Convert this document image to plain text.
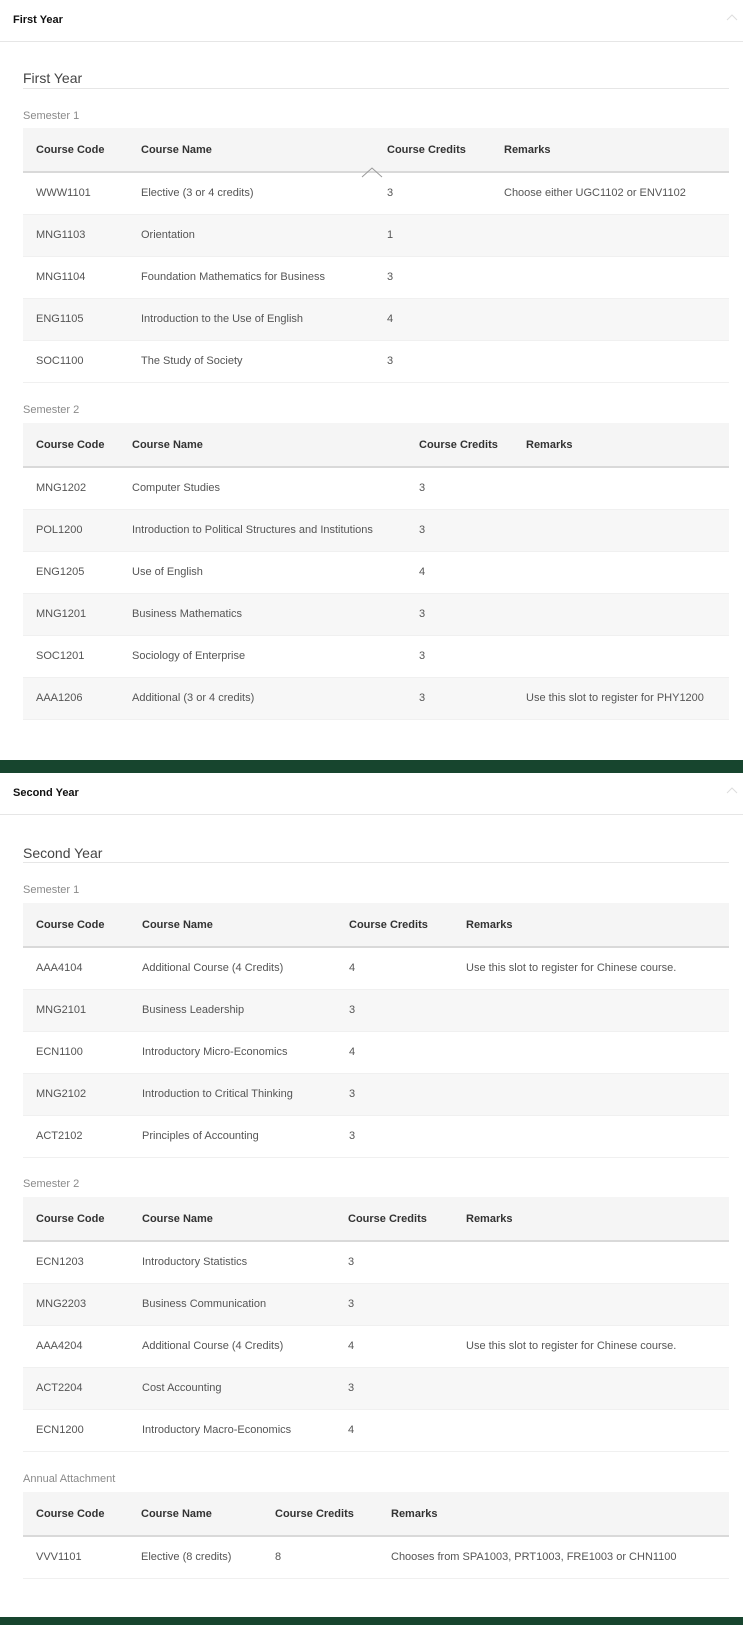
First Year
First Year
Semester 1
Course Code	Course Name	Course Credits	Remarks
WWW1101	Elective (3 or 4 credits)	3	Choose either UGC1102 or ENV1102
MNG1103	Orientation	1	
MNG1104	Foundation Mathematics for Business	3	
ENG1105	Introduction to the Use of English	4	
SOC1100	The Study of Society	3	
Semester 2
Course Code	Course Name	Course Credits	Remarks
MNG1202	Computer Studies	3	
POL1200	Introduction to Political Structures and Institutions	3	
ENG1205	Use of English	4	
MNG1201	Business Mathematics	3	
SOC1201	Sociology of Enterprise	3	
AAA1206	Additional (3 or 4 credits)	3	Use this slot to register for PHY1200
Second Year
Second Year
Semester 1
Course Code	Course Name	Course Credits	Remarks
AAA4104	Additional Course (4 Credits)	4	Use this slot to register for Chinese course.
MNG2101	Business Leadership	3	
ECN1100	Introductory Micro-Economics	4	
MNG2102	Introduction to Critical Thinking	3	
ACT2102	Principles of Accounting	3	
Semester 2
Course Code	Course Name	Course Credits	Remarks
ECN1203	Introductory Statistics	3	
MNG2203	Business Communication	3	
AAA4204	Additional Course (4 Credits)	4	Use this slot to register for Chinese course.
ACT2204	Cost Accounting	3	
ECN1200	Introductory Macro-Economics	4	
Annual Attachment
Course Code	Course Name	Course Credits	Remarks
VVV1101	Elective (8 credits)	8	Chooses from SPA1003, PRT1003, FRE1003 or CHN1100
